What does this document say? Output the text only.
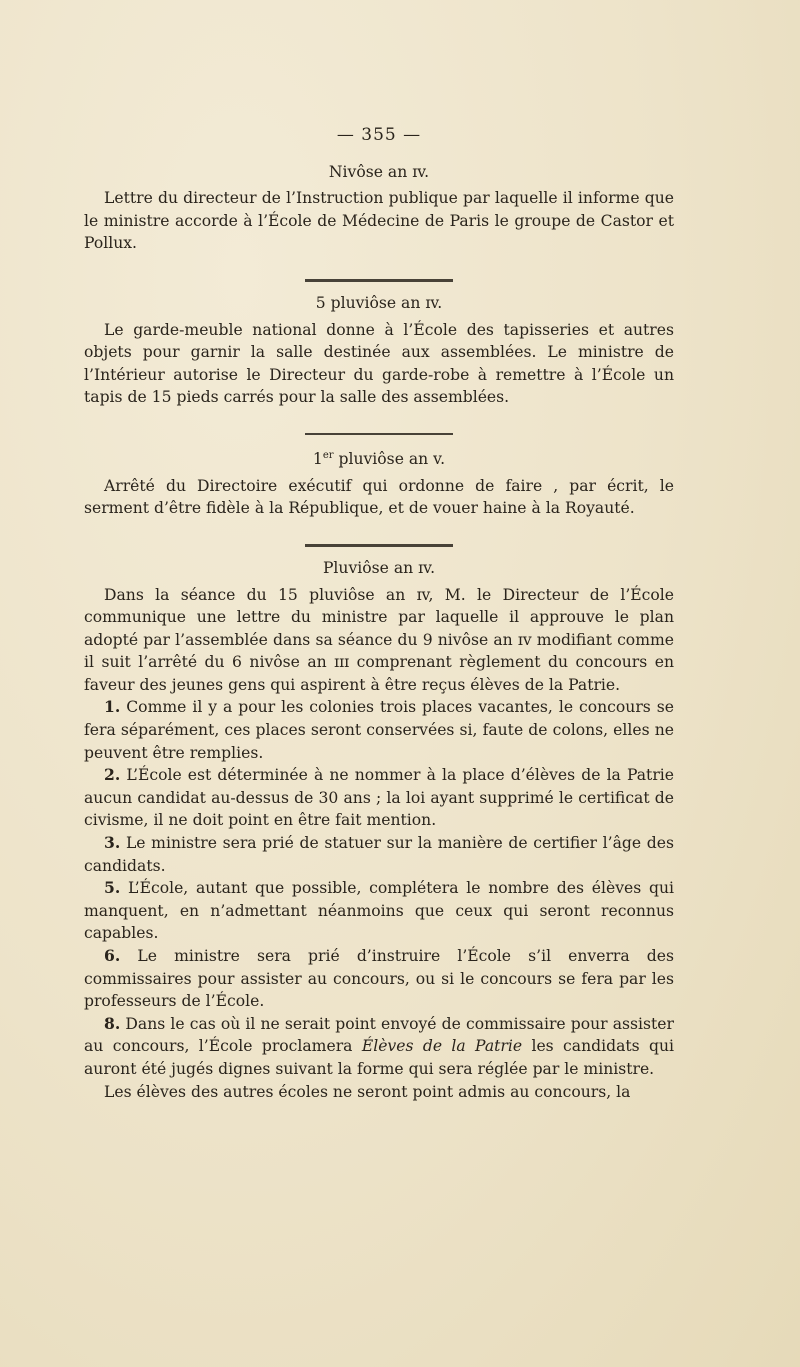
— 355 —
Nivôse an ɪv.

Lettre du directeur de l’Instruction publique par laquelle il informe que le ministre accorde à l’École de Médecine de Paris le groupe de Castor et Pollux.

5 pluviôse an ɪv.

Le garde-meuble national donne à l’École des tapisseries et autres objets pour garnir la salle destinée aux assemblées. Le ministre de l’Intérieur autorise le Directeur du garde-robe à remettre à l’École un tapis de 15 pieds carrés pour la salle des assemblées.

1er pluviôse an v.

Arrêté du Directoire exécutif qui ordonne de faire , par écrit, le serment d’être fidèle à la République, et de vouer haine à la Royauté.

Pluviôse an ɪv.

Dans la séance du 15 pluviôse an ɪv, M. le Directeur de l’École communique une lettre du ministre par laquelle il approuve le plan adopté par l’assemblée dans sa séance du 9 nivôse an ɪv modifiant comme il suit l’arrêté du 6 nivôse an ɪɪɪ comprenant règlement du concours en faveur des jeunes gens qui aspirent à être reçus élèves de la Patrie.

1. Comme il y a pour les colonies trois places vacantes, le concours se fera séparément, ces places seront conservées si, faute de colons, elles ne peuvent être remplies.

2. L’École est déterminée à ne nommer à la place d’élèves de la Patrie aucun candidat au-dessus de 30 ans ; la loi ayant supprimé le certificat de civisme, il ne doit point en être fait mention.

3. Le ministre sera prié de statuer sur la manière de certifier l’âge des candidats.

5. L’École, autant que possible, complétera le nombre des élèves qui manquent, en n’admettant néanmoins que ceux qui seront reconnus capables.

6. Le ministre sera prié d’instruire l’École s’il enverra des commissaires pour assister au concours, ou si le concours se fera par les professeurs de l’École.

8. Dans le cas où il ne serait point envoyé de commissaire pour assister au concours, l’École proclamera Élèves de la Patrie les candidats qui auront été jugés dignes suivant la forme qui sera réglée par le ministre.

Les élèves des autres écoles ne seront point admis au concours, la
